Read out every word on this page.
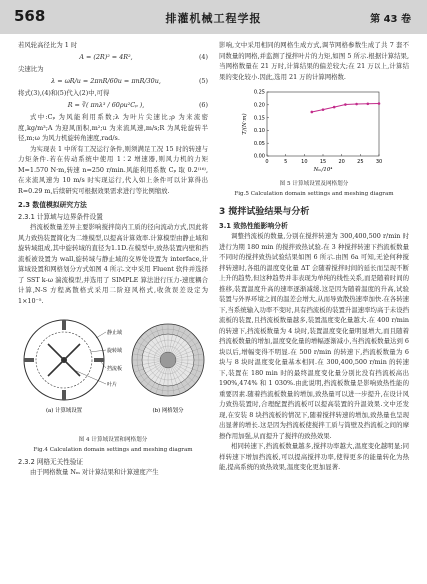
568	排灌机械工程学报	第 43 卷

若风轮高径比为 1 时

A = (2R)² = 4R²,	(4)

尖速比为

λ = ωR/u = 2πnR/60u = πnR/30u,	(5)

将式(3),(4)和(5)代入(2)中,可得

R = ∛( πnλ³ / 60ρu²Cₚ ),	(6)

式中:Cₚ 为风能利用系数;λ 为叶片尖速比;ρ 为来流密度,kg/m³;A 为迎风面积,m²;u 为来流风速,m/s;R 为风轮旋转半径,m;ω 为风力机旋转角速度,rad/s.

为实现表 1 中所有工况运行条件,则须满足工况 15 时的转速与力矩条件.若在传动系统中使用 1∶2 增速器,则风力机的力矩 M=1.570 N·m,转速 n=250 r/min.风能利用系数 Cₚ 取 0.2⁽¹⁶⁾,在来流风速为 10 m/s 时实现运行,代入如上条件可以计算得出 R=0.29 m,后续研究可根据效果需求进行等比例缩放.

2.3 数值模拟研究方法
2.3.1 计算域与边界条件设置

挡流板数量差异主要影响搅拌筒内工质的径向流动方式,因此将风力致热装置简化为二维模型,以提高计算效率.计算模型由静止域和旋转域组成,其中旋转域的直径为1.1D.在模型中,致热装置内壁和挡流板被设置为 wall,旋转域与静止域的交界处设置为 interface,计算域设置和网格划分方式如图 4 所示.文中采用 Fluent 软件并选择了 SST k-ω 湍流模型,并选用了 SIMPLE 算法进行压力-速度耦合计算,N-S 方程离散格式采用二阶迎风格式,收敛误差设定为 1×10⁻⁵.

静止域
旋转域
挡流板
叶片
(a) 计算域设置	(b) 网格划分
图 4 计算域设置和网格划分
Fig.4 Calculation domain settings and meshing diagram
2.3.2 网格无关性验证

由于网格数量 Nₘ 对计算结果和计算速度产生

影响,文中采用相同的网格生成方式,调节网格参数生成了共 7 套不同数量的网格,并监测了搅拌叶片的力矩,如图 5 所示.根据计算结果,当网格数量在 21 万时,计算结果的偏差较大;在 21 万以上,计算结果的变化较小.因此,选用 21 万的计算网格数.

0	5	10 15 20 25 30
0.00
0.05
0.10
0.15
0.20
0.25
Nₘ/10⁴
T/(N·m)
图 5 计算域设置及网格划分
Fig.5 Calculation domain settings and meshing diagram
3 搅拌试验结果与分析
3.1 致热性能影响分析

调整挡流板的数量,分别在搅拌转速为 300,400,500 r/min 时进行为期 180 min 的搅拌致热试验.在 3 种搅拌转速下挡流板数量不同时的搅拌致热试验结果如图 6 所示.由图 6a 可知,无论何种搅拌转速时,各组的温度变化量 ΔT 会随着搅拌时间的延长而呈现不断上升的趋势,但这种趋势并非表现为单纯的线性关系,而是随着时间的推移,装置温度升高的速率逐渐减缓.这是因为随着温度的升高,试验装置与外界环境之间的温差会增大,从而导致散热速率加快.在各转速下,当系统输入功率不变时,具有挡流板的装置升温速率均高于未设挡流板的装置,且挡流板数量越多,装置温度变化量越大.在 400 r/min 的转速下,挡流板数量为 4 块时,装置温度变化量明显增大,而且随着挡流板数量的增加,温度变化量的增幅逐渐减小,当挡流板数量达到 6 块以后,增幅变得不明显.在 500 r/min 的转速下,挡流板数量为 6 块与 8 块时温度变化量基本相同.在 300,400,500 r/min 的转速下,装置在 180 min 时的最终温度变化量分别比没有挡流板高出 190%,474% 和 1 030%.由此说明,挡流板数量是影响致热性能的重要因素.随着挡流板数量的增加,致热量可以进一步提升,在设计风力致热装置时,合理配置挡流板可以提高装置的升温效果.文中还发现,在安装 8 块挡流板的情况下,随着搅拌转速的增加,致热量也呈现出显著的增长.这是因为挡流板使搅拌工质与筒壁及挡流板之间的摩擦作用加强,从而提升了搅拌的致热效果.

相同转速下,挡流板数量越多,搅拌功率越大,温度变化越明显;同样转速下增加挡流板,可以提高搅拌功率,使得更多的能量转化为热能,提高系统的致热效果,温度变化更加显著.
